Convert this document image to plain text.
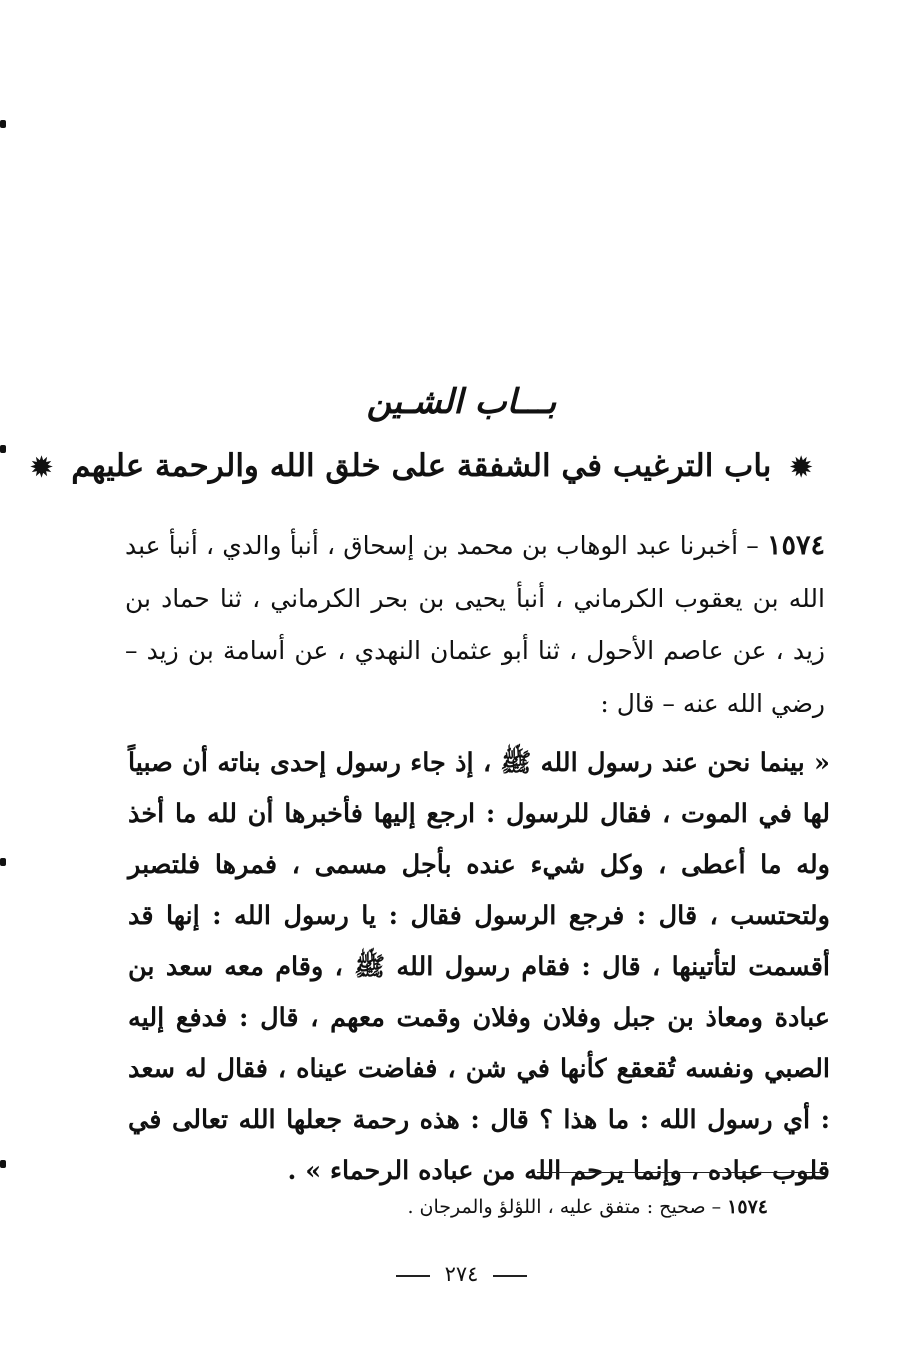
بـــاب الشـين
✹ باب الترغيب في الشفقة على خلق الله والرحمة عليهم ✹
١٥٧٤ – أخبرنا عبد الوهاب بن محمد بن إسحاق ، أنبأ والدي ، أنبأ عبد الله بن يعقوب الكرماني ، أنبأ يحيى بن بحر الكرماني ، ثنا حماد بن زيد ، عن عاصم الأحول ، ثنا أبو عثمان النهدي ، عن أسامة بن زيد – رضي الله عنه – قال :
« بينما نحن عند رسول الله ﷺ ، إذ جاء رسول إحدى بناته أن صبياً لها في الموت ، فقال للرسول : ارجع إليها فأخبرها أن لله ما أخذ وله ما أعطى ، وكل شيء عنده بأجل مسمى ، فمرها فلتصبر ولتحتسب ، قال : فرجع الرسول فقال : يا رسول الله : إنها قد أقسمت لتأتينها ، قال : فقام رسول الله ﷺ ، وقام معه سعد بن عبادة ومعاذ بن جبل وفلان وفلان وقمت معهم ، قال : فدفع إليه الصبي ونفسه تُقعقع كأنها في شن ، ففاضت عيناه ، فقال له سعد : أي رسول الله : ما هذا ؟ قال : هذه رحمة جعلها الله تعالى في قلوب عباده ، وإنما يرحم الله من عباده الرحماء » .
١٥٧٤ – صحيح : متفق عليه ، اللؤلؤ والمرجان .
٢٧٤
